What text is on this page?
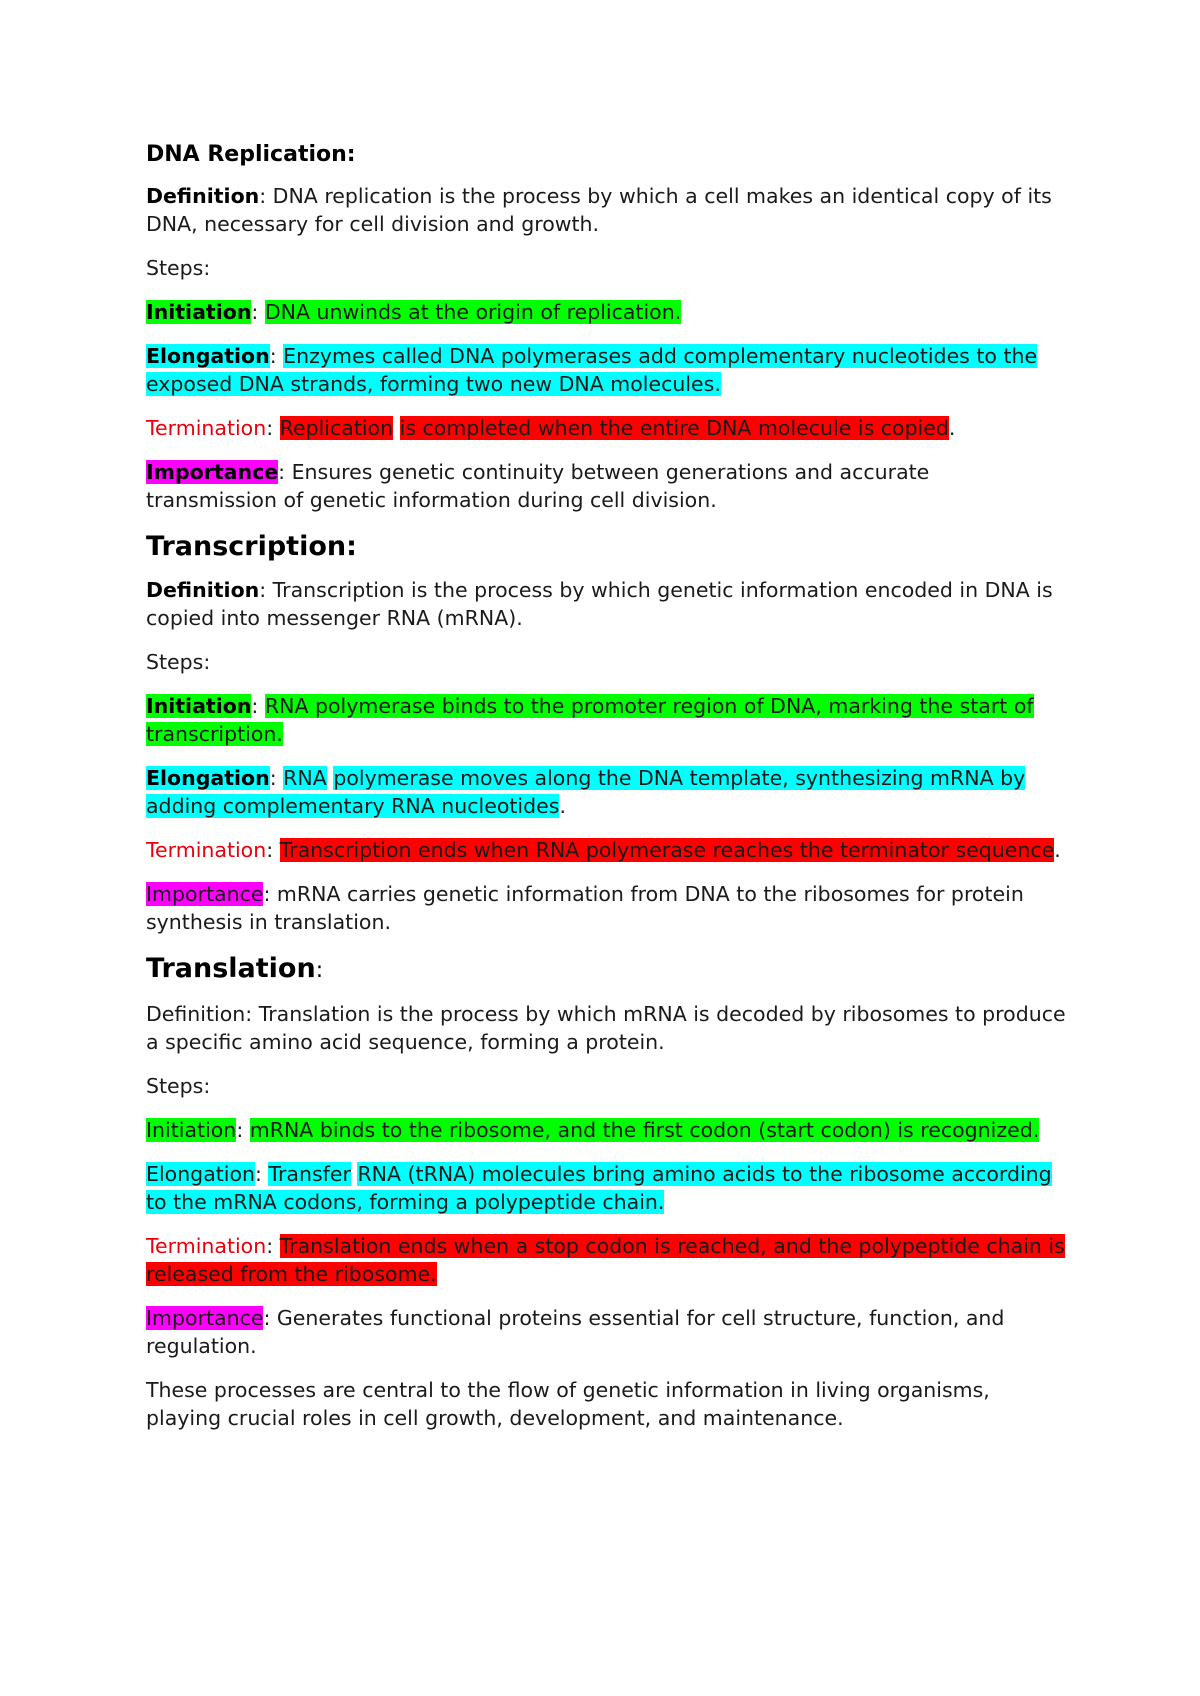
DNA Replication:

Definition: DNA replication is the process by which a cell makes an identical copy of its DNA, necessary for cell division and growth.

Steps:

Initiation: DNA unwinds at the origin of replication.

Elongation: Enzymes called DNA polymerases add complementary nucleotides to the exposed DNA strands, forming two new DNA molecules.

Termination: Replication is completed when the entire DNA molecule is copied.

Importance: Ensures genetic continuity between generations and accurate transmission of genetic information during cell division.

Transcription:

Definition: Transcription is the process by which genetic information encoded in DNA is copied into messenger RNA (mRNA).

Steps:

Initiation: RNA polymerase binds to the promoter region of DNA, marking the start of transcription.

Elongation: RNA polymerase moves along the DNA template, synthesizing mRNA by adding complementary RNA nucleotides.

Termination: Transcription ends when RNA polymerase reaches the terminator sequence.

Importance: mRNA carries genetic information from DNA to the ribosomes for protein synthesis in translation.

Translation:

Definition: Translation is the process by which mRNA is decoded by ribosomes to produce a specific amino acid sequence, forming a protein.

Steps:

Initiation: mRNA binds to the ribosome, and the first codon (start codon) is recognized.

Elongation: Transfer RNA (tRNA) molecules bring amino acids to the ribosome according to the mRNA codons, forming a polypeptide chain.

Termination: Translation ends when a stop codon is reached, and the polypeptide chain is released from the ribosome.

Importance: Generates functional proteins essential for cell structure, function, and regulation.

These processes are central to the flow of genetic information in living organisms, playing crucial roles in cell growth, development, and maintenance.
